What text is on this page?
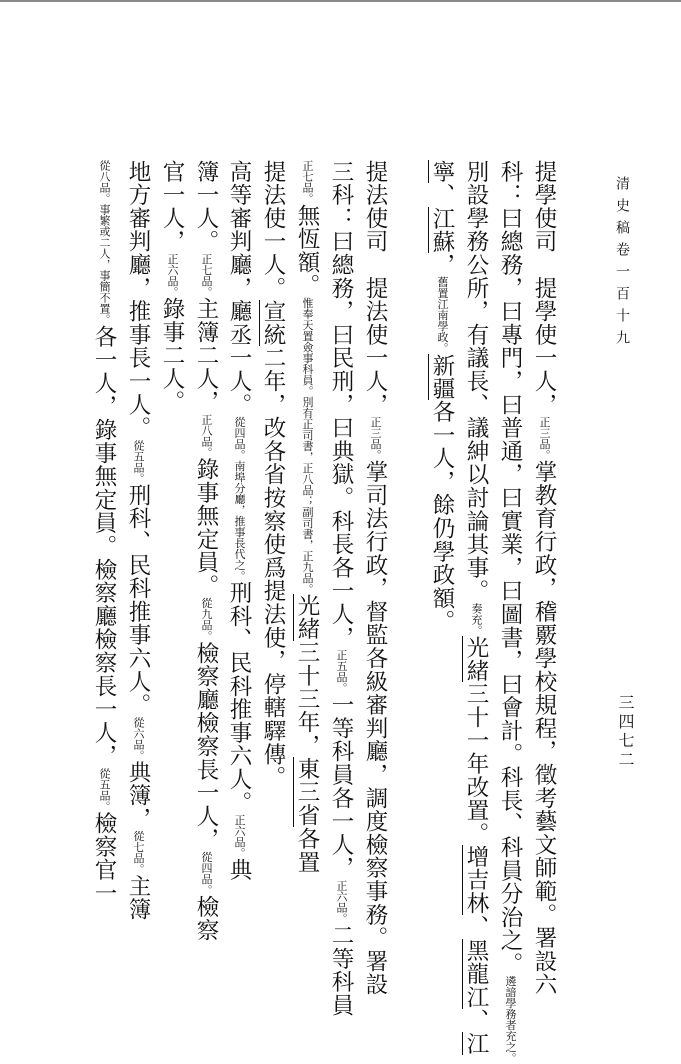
清史稿卷一百十九
三四七二
提學使司　提學使一人，正三品。掌教育行政，稽覈學校規程，徵考藝文師範。署設六
科：曰總務，曰專門，曰普通，曰實業，曰圖書，曰會計。科長、科員分治之。遴諳學務者充之。
別設學務公所，有議長、議紳以討論其事。奏充。光緒三十一年改置。增吉林、黑龍江、江
寧、江蘇，舊置江南學政。新疆各一人，餘仍學政額。
提法使司　提法使一人，正三品。掌司法行政，督監各級審判廳，調度檢察事務。署設
三科：曰總務，曰民刑，曰典獄。科長各一人，正五品。一等科員各一人，正六品。二等科員
正七品。無恆額。惟奉天置僉事科員。別有正司書，正八品；副司書，正九品。光緒三十三年，東三省各置
提法使一人。宣統二年，改各省按察使爲提法使，停轄驛傳。
高等審判廳，廳丞一人。從四品。南埠分廳，推事長代之。刑科、民科推事六人。正六品。典
簿一人。正七品。主簿二人，正八品。錄事無定員。從九品。檢察廳檢察長一人，從四品。檢察
官一人，正六品。錄事二人。
地方審判廳，推事長一人。從五品。刑科、民科推事六人。從六品。典簿，從七品。主簿
從八品。事繁或二人，事簡不置。各一人，錄事無定員。檢察廳檢察長一人，從五品。檢察官一
